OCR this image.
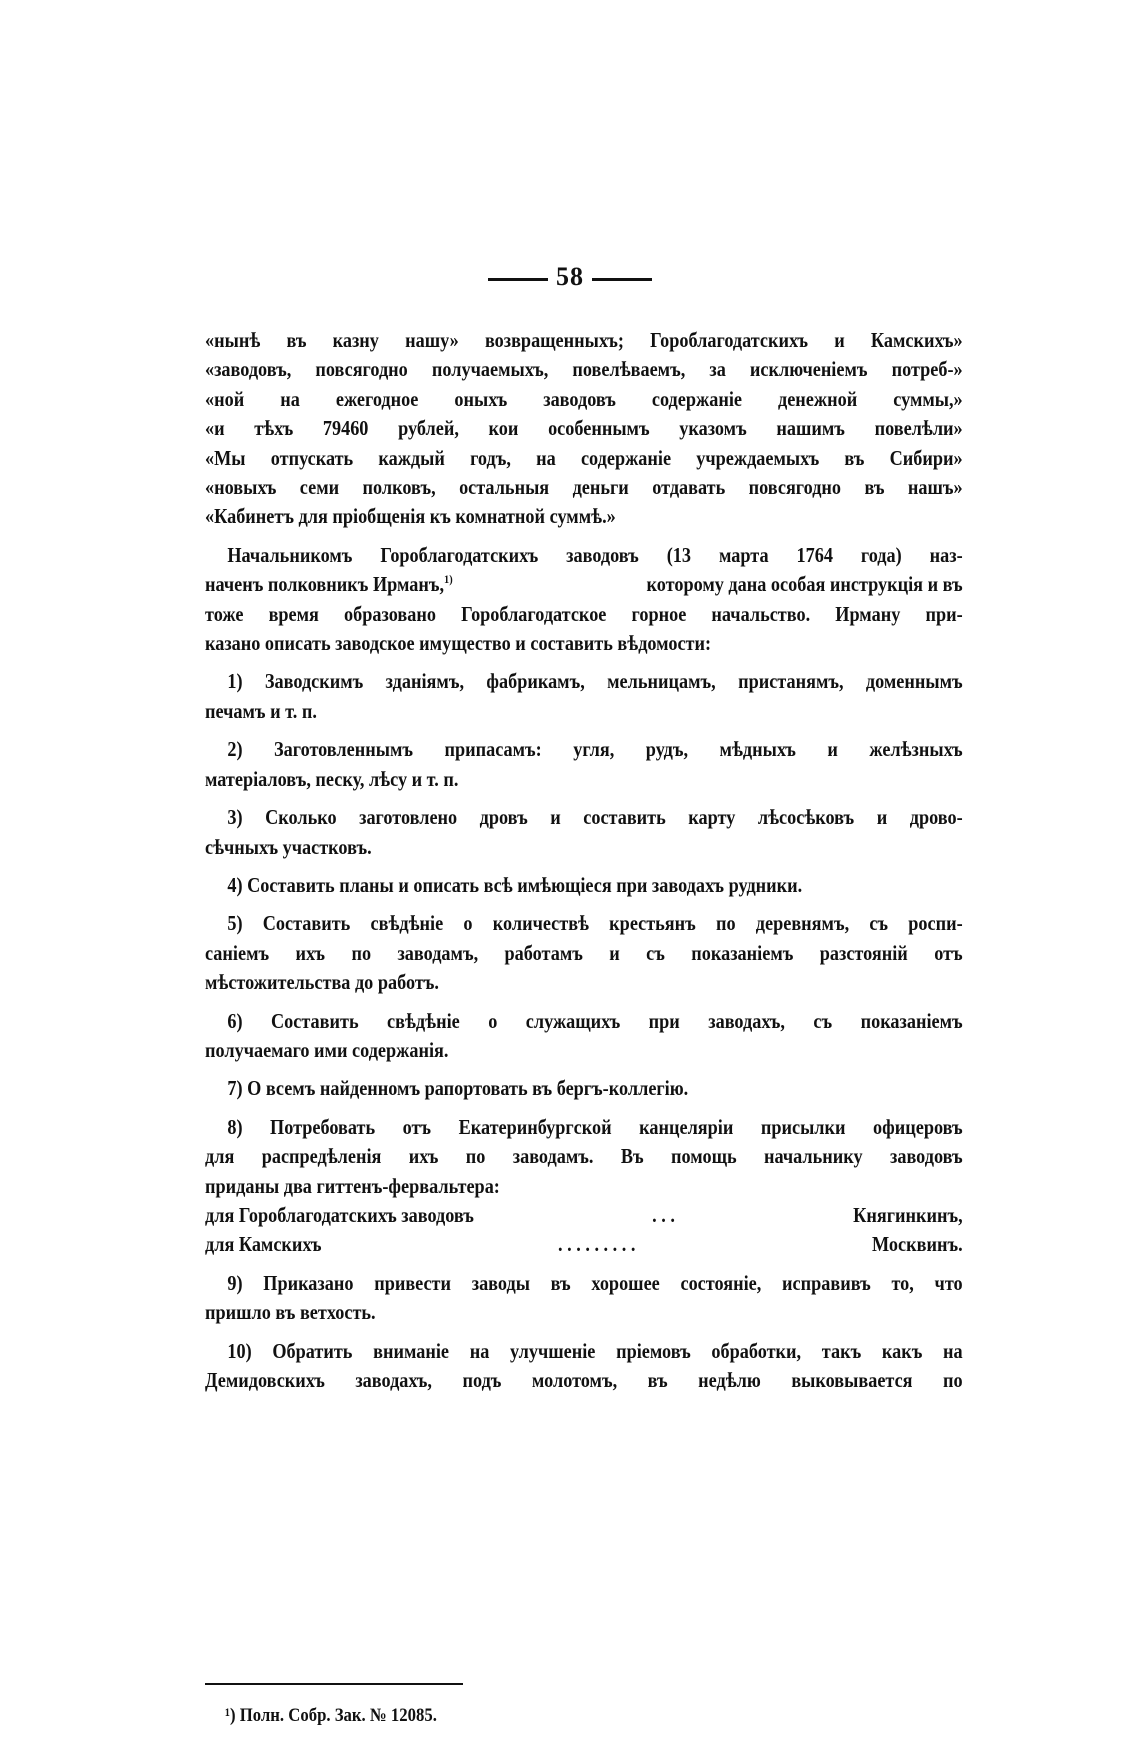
58
«нынѣ въ казну нашу» возвращенныхъ; Гороблагодатскихъ и Камскихъ»
«заводовъ, повсягодно получаемыхъ, повелѣваемъ, за исключеніемъ потреб-»
«ной на ежегодное оныхъ заводовъ содержаніе денежной суммы,»
«и тѣхъ 79460 рублей, кои особеннымъ указомъ нашимъ повелѣли»
«Мы отпускать каждый годъ, на содержаніе учреждаемыхъ въ Сибири»
«новыхъ семи полковъ, остальныя деньги отдавать повсягодно въ нашъ»
«Кабинетъ для пріобщенія къ комнатной суммѣ.»
Начальникомъ Гороблагодатскихъ заводовъ (13 марта 1764 года) наз-
наченъ полковникъ Ирманъ,$^{1)}$	которому дана особая инструкція и въ
тоже время образовано Гороблагодатское горное начальство. Ирману при-
казано описать заводское имущество и составить вѣдомости:
1) Заводскимъ зданіямъ, фабрикамъ, мельницамъ, пристанямъ, доменнымъ
печамъ и т. п.
2) Заготовленнымъ припасамъ: угля, рудъ, мѣдныхъ и желѣзныхъ
матеріаловъ, песку, лѣсу и т. п.
3) Сколько заготовлено дровъ и составить карту лѣсосѣковъ и дрово-
сѣчныхъ участковъ.
4) Составить планы и описать всѣ имѣющіеся при заводахъ рудники.
5) Составить свѣдѣніе о количествѣ крестьянъ по деревнямъ, съ роспи-
саніемъ ихъ по заводамъ, работамъ и съ показаніемъ разстояній отъ
мѣстожительства до работъ.
6) Составить свѣдѣніе о служащихъ при заводахъ, съ показаніемъ
получаемаго ими содержанія.
7) О всемъ найденномъ рапортовать въ бергъ-коллегію.
8) Потребовать отъ Екатеринбургской канцеляріи присылки офицеровъ
для распредѣленія ихъ по заводамъ. Въ помощь начальнику заводовъ
приданы два гиттенъ-фервальтера:
для Гороблагодатскихъ заводовъ	. . .	Княгинкинъ,
для Камскихъ	. . . . . . . . .	Москвинъ.
9) Приказано привести заводы въ хорошее состояніе, исправивъ то, что
пришло въ ветхость.
10) Обратить вниманіе на улучшеніе пріемовъ обработки, такъ какъ на
Демидовскихъ заводахъ, подъ молотомъ, въ недѣлю выковывается по
¹) Полн. Собр. Зак. № 12085.
